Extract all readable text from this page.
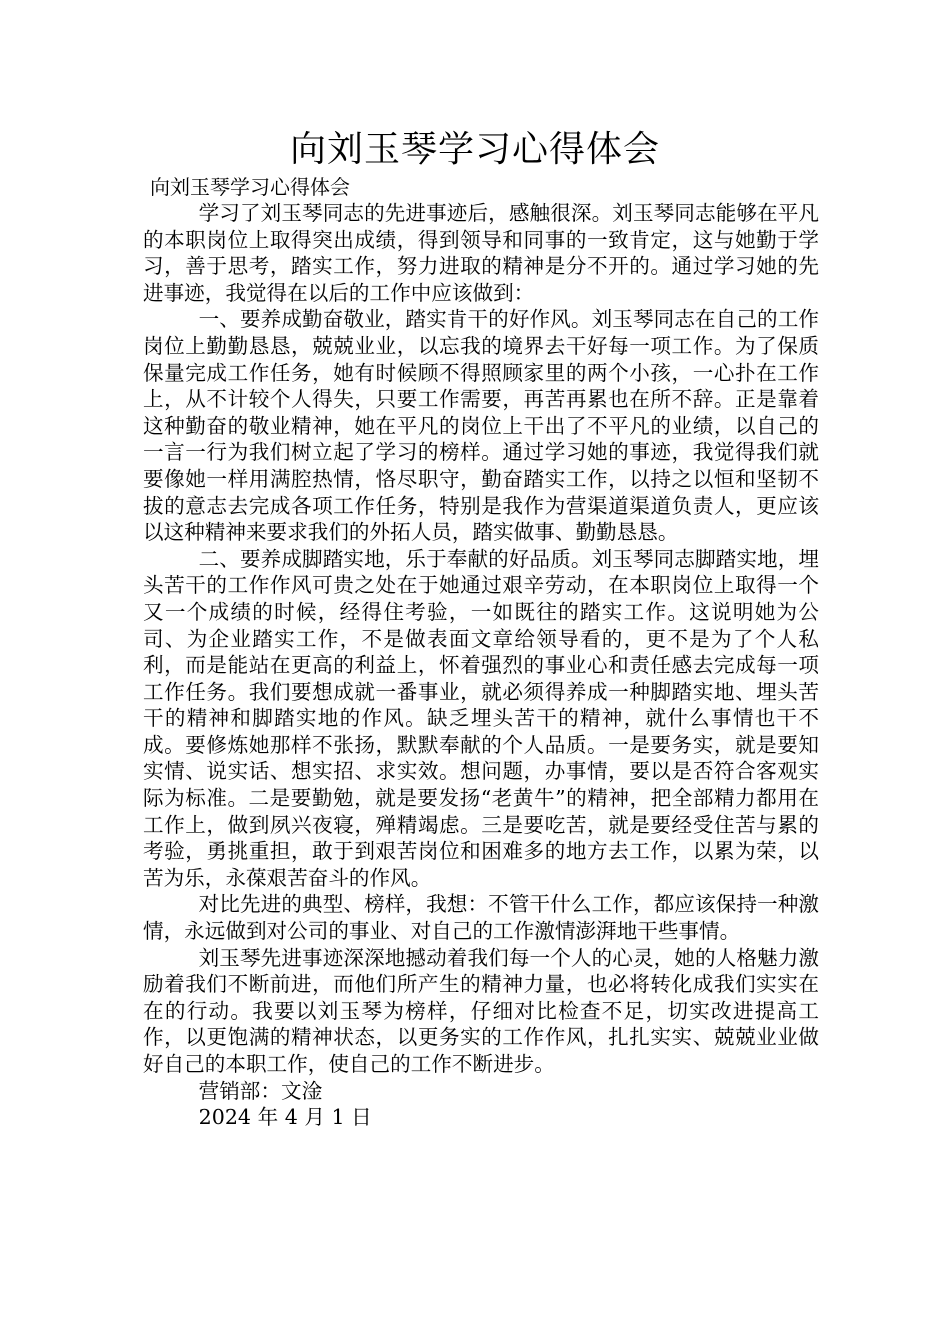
向刘玉琴学习心得体会
向刘玉琴学习心得体会

学习了刘玉琴同志的先进事迹后，感触很深。刘玉琴同志能够在平凡的本职岗位上取得突出成绩，得到领导和同事的一致肯定，这与她勤于学习，善于思考，踏实工作，努力进取的精神是分不开的。通过学习她的先进事迹，我觉得在以后的工作中应该做到：

一、要养成勤奋敬业，踏实肯干的好作风。刘玉琴同志在自己的工作岗位上勤勤恳恳，兢兢业业，以忘我的境界去干好每一项工作。为了保质保量完成工作任务，她有时候顾不得照顾家里的两个小孩，一心扑在工作上，从不计较个人得失，只要工作需要，再苦再累也在所不辞。正是靠着这种勤奋的敬业精神，她在平凡的岗位上干出了不平凡的业绩，以自己的一言一行为我们树立起了学习的榜样。通过学习她的事迹，我觉得我们就要像她一样用满腔热情，恪尽职守，勤奋踏实工作，以持之以恒和坚韧不拔的意志去完成各项工作任务，特别是我作为营渠道渠道负责人，更应该以这种精神来要求我们的外拓人员，踏实做事、勤勤恳恳。

二、要养成脚踏实地，乐于奉献的好品质。刘玉琴同志脚踏实地，埋头苦干的工作作风可贵之处在于她通过艰辛劳动，在本职岗位上取得一个又一个成绩的时候，经得住考验，一如既往的踏实工作。这说明她为公司、为企业踏实工作，不是做表面文章给领导看的，更不是为了个人私利，而是能站在更高的利益上，怀着强烈的事业心和责任感去完成每一项工作任务。我们要想成就一番事业，就必须得养成一种脚踏实地、埋头苦干的精神和脚踏实地的作风。缺乏埋头苦干的精神，就什么事情也干不成。要修炼她那样不张扬，默默奉献的个人品质。一是要务实，就是要知实情、说实话、想实招、求实效。想问题，办事情，要以是否符合客观实际为标准。二是要勤勉，就是要发扬“老黄牛”的精神，把全部精力都用在工作上，做到夙兴夜寝，殚精竭虑。三是要吃苦，就是要经受住苦与累的考验，勇挑重担，敢于到艰苦岗位和困难多的地方去工作，以累为荣，以苦为乐，永葆艰苦奋斗的作风。

对比先进的典型、榜样，我想：不管干什么工作，都应该保持一种激情，永远做到对公司的事业、对自己的工作激情澎湃地干些事情。

刘玉琴先进事迹深深地撼动着我们每一个人的心灵，她的人格魅力激励着我们不断前进，而他们所产生的精神力量，也必将转化成我们实实在在的行动。我要以刘玉琴为榜样，仔细对比检查不足，切实改进提高工作，以更饱满的精神状态，以更务实的工作作风，扎扎实实、兢兢业业做好自己的本职工作，使自己的工作不断进步。

营销部：文淦

2024 年 4 月 1 日
